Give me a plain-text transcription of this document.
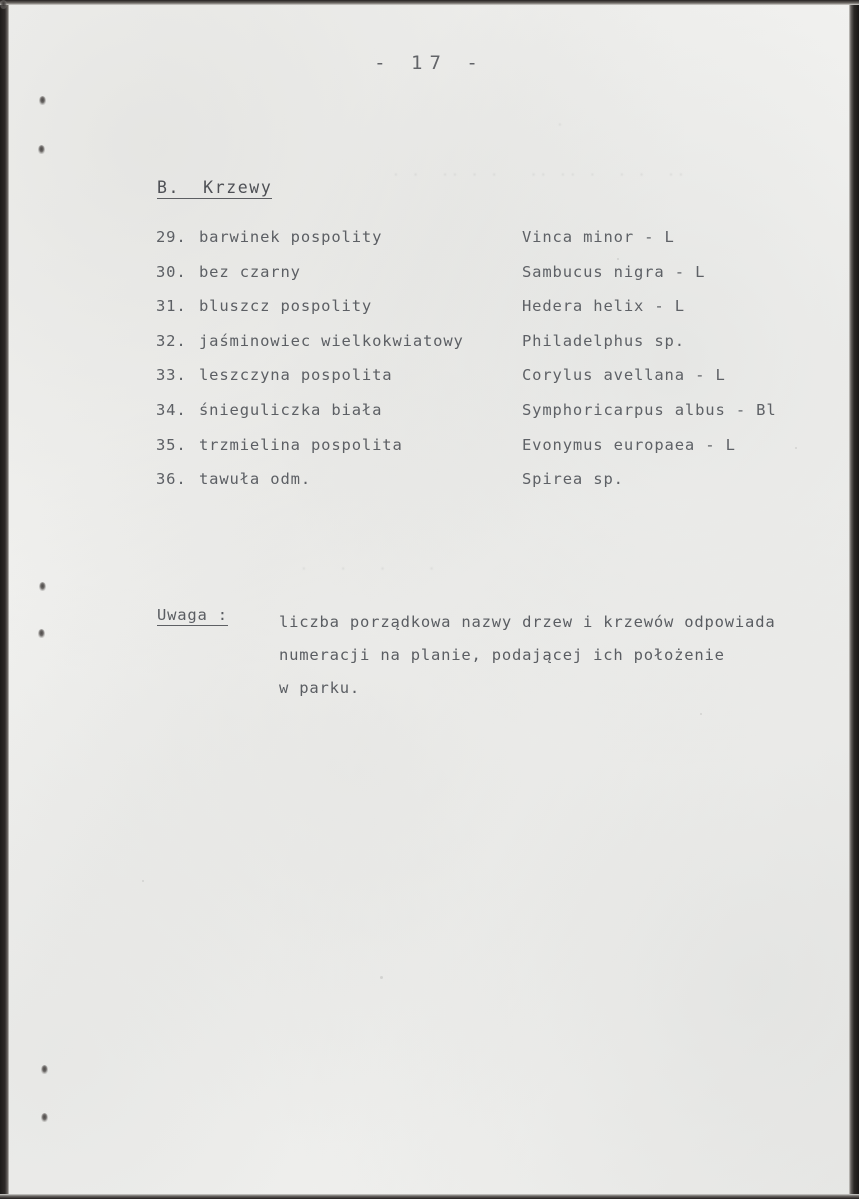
· ·  ·· · ·   ·· ·· ·  · ·  ··
·
·   ·   ·    ·
- 17 -
B. Krzewy
29. barwinek pospolity	Vinca minor - L
30. bez czarny	Sambucus nigra - L
31. bluszcz pospolity	Hedera helix - L
32. jaśminowiec wielkokwiatowy	Philadelphus sp.
33. leszczyna pospolita	Corylus avellana - L
34. śnieguliczka biała	Symphoricarpus albus - Bl
35. trzmielina pospolita	Evonymus europaea - L
36. tawuła odm.	Spirea sp.
Uwaga :	liczba porządkowa nazwy drzew i krzewów odpowiada
numeracji na planie, podającej ich położenie
w parku.
